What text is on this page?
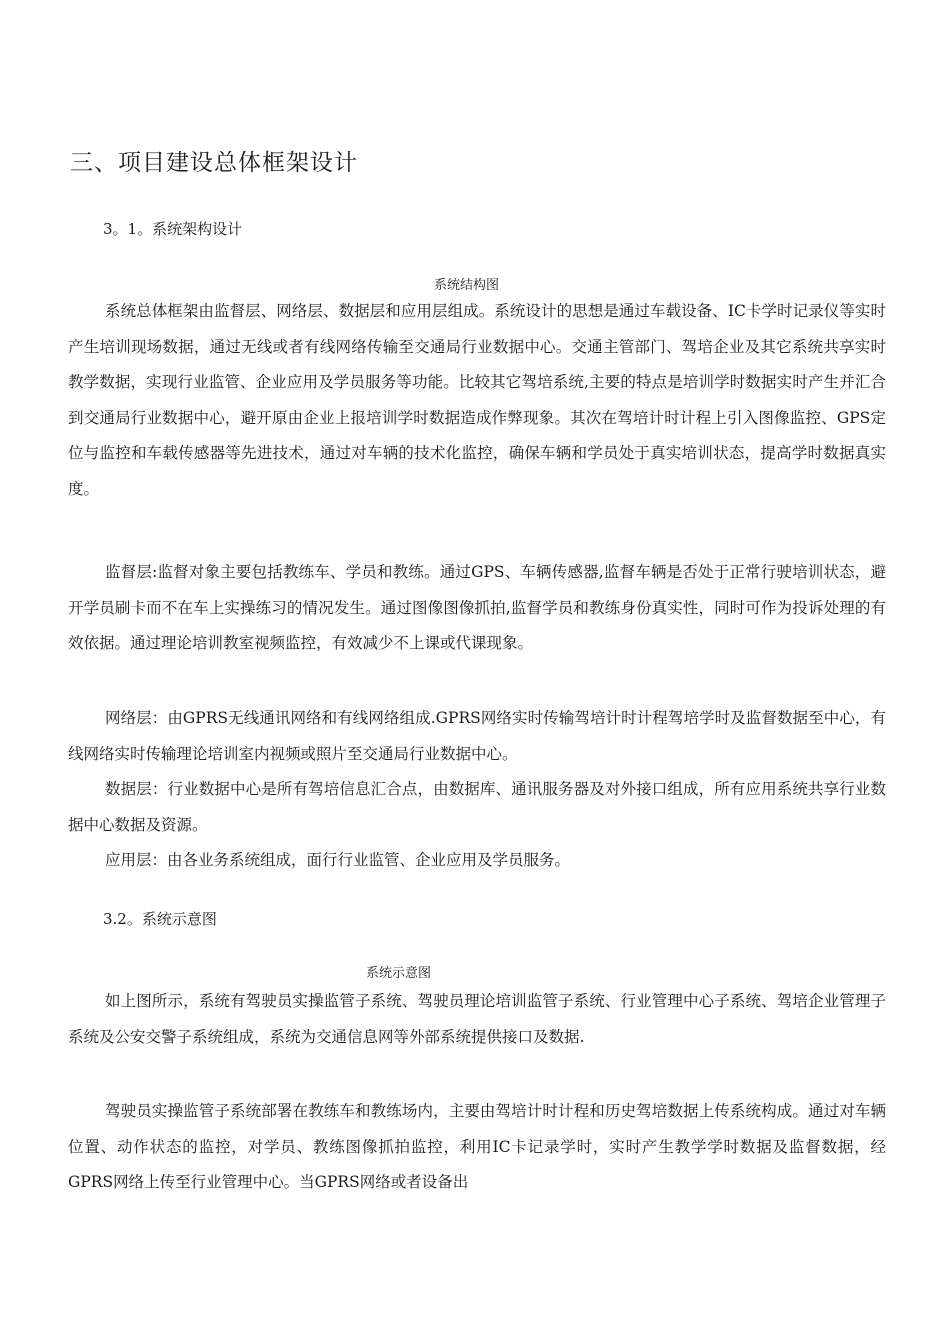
三、项目建设总体框架设计
3。1。系统架构设计
系统结构图

系统总体框架由监督层、网络层、数据层和应用层组成。系统设计的思想是通过车载设备、IC卡学时记录仪等实时产生培训现场数据，通过无线或者有线网络传输至交通局行业数据中心。交通主管部门、驾培企业及其它系统共享实时教学数据，实现行业监管、企业应用及学员服务等功能。比较其它驾培系统,主要的特点是培训学时数据实时产生并汇合到交通局行业数据中心，避开原由企业上报培训学时数据造成作弊现象。其次在驾培计时计程上引入图像监控、GPS定位与监控和车载传感器等先进技术，通过对车辆的技术化监控，确保车辆和学员处于真实培训状态，提高学时数据真实度。

监督层:监督对象主要包括教练车、学员和教练。通过GPS、车辆传感器,监督车辆是否处于正常行驶培训状态，避开学员刷卡而不在车上实操练习的情况发生。通过图像图像抓拍,监督学员和教练身份真实性，同时可作为投诉处理的有效依据。通过理论培训教室视频监控，有效减少不上课或代课现象。

网络层：由GPRS无线通讯网络和有线网络组成.GPRS网络实时传输驾培计时计程驾培学时及监督数据至中心，有线网络实时传输理论培训室内视频或照片至交通局行业数据中心。

数据层：行业数据中心是所有驾培信息汇合点，由数据库、通讯服务器及对外接口组成，所有应用系统共享行业数据中心数据及资源。

应用层：由各业务系统组成，面行行业监管、企业应用及学员服务。

3.2。系统示意图
系统示意图

如上图所示，系统有驾驶员实操监管子系统、驾驶员理论培训监管子系统、行业管理中心子系统、驾培企业管理子系统及公安交警子系统组成，系统为交通信息网等外部系统提供接口及数据.

驾驶员实操监管子系统部署在教练车和教练场内，主要由驾培计时计程和历史驾培数据上传系统构成。通过对车辆位置、动作状态的监控，对学员、教练图像抓拍监控，利用IC卡记录学时，实时产生教学学时数据及监督数据，经GPRS网络上传至行业管理中心。当GPRS网络或者设备出
